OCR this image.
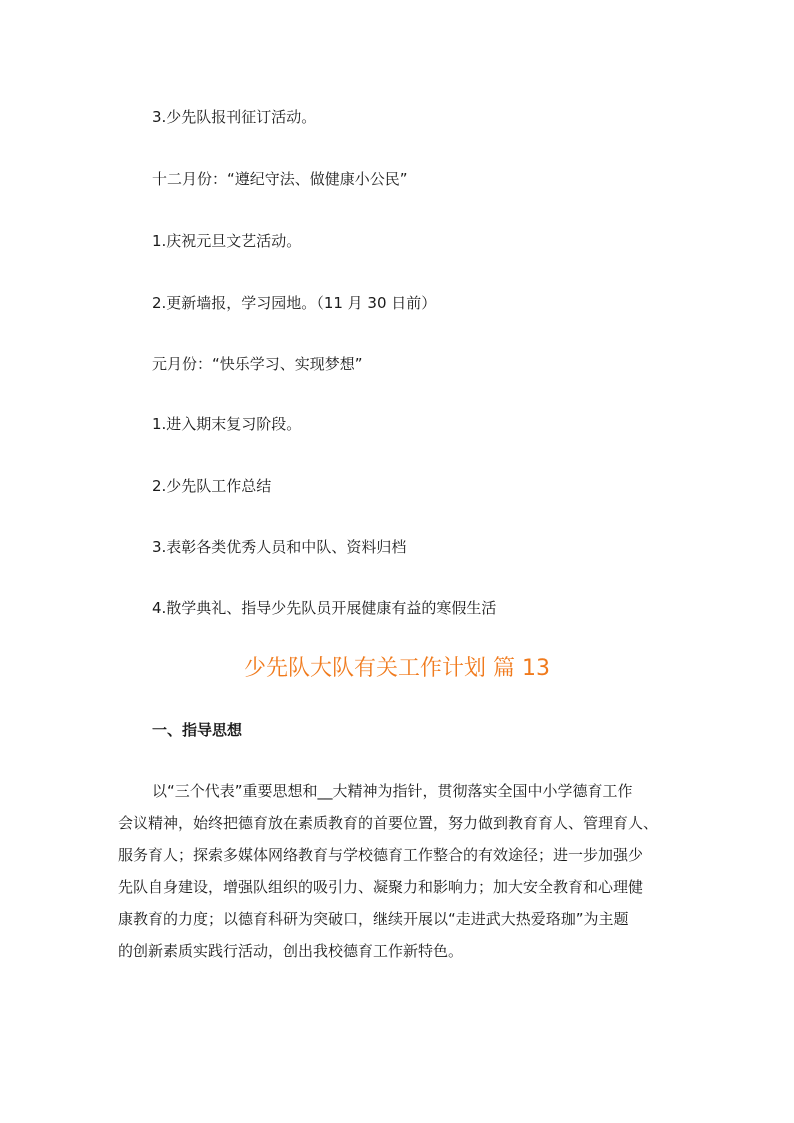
3.少先队报刊征订活动。
十二月份：“遵纪守法、做健康小公民”
1.庆祝元旦文艺活动。
2.更新墙报，学习园地。（11 月 30 日前）
元月份：“快乐学习、实现梦想”
1.进入期末复习阶段。
2.少先队工作总结
3.表彰各类优秀人员和中队、资料归档
4.散学典礼、指导少先队员开展健康有益的寒假生活
少先队大队有关工作计划 篇 13
一、指导思想
以“三个代表”重要思想和__大精神为指针，贯彻落实全国中小学德育工作
会议精神，始终把德育放在素质教育的首要位置，努力做到教育育人、管理育人、
服务育人；探索多媒体网络教育与学校德育工作整合的有效途径；进一步加强少
先队自身建设，增强队组织的吸引力、凝聚力和影响力；加大安全教育和心理健
康教育的力度；以德育科研为突破口，继续开展以“走进武大热爱珞珈”为主题
的创新素质实践行活动，创出我校德育工作新特色。
